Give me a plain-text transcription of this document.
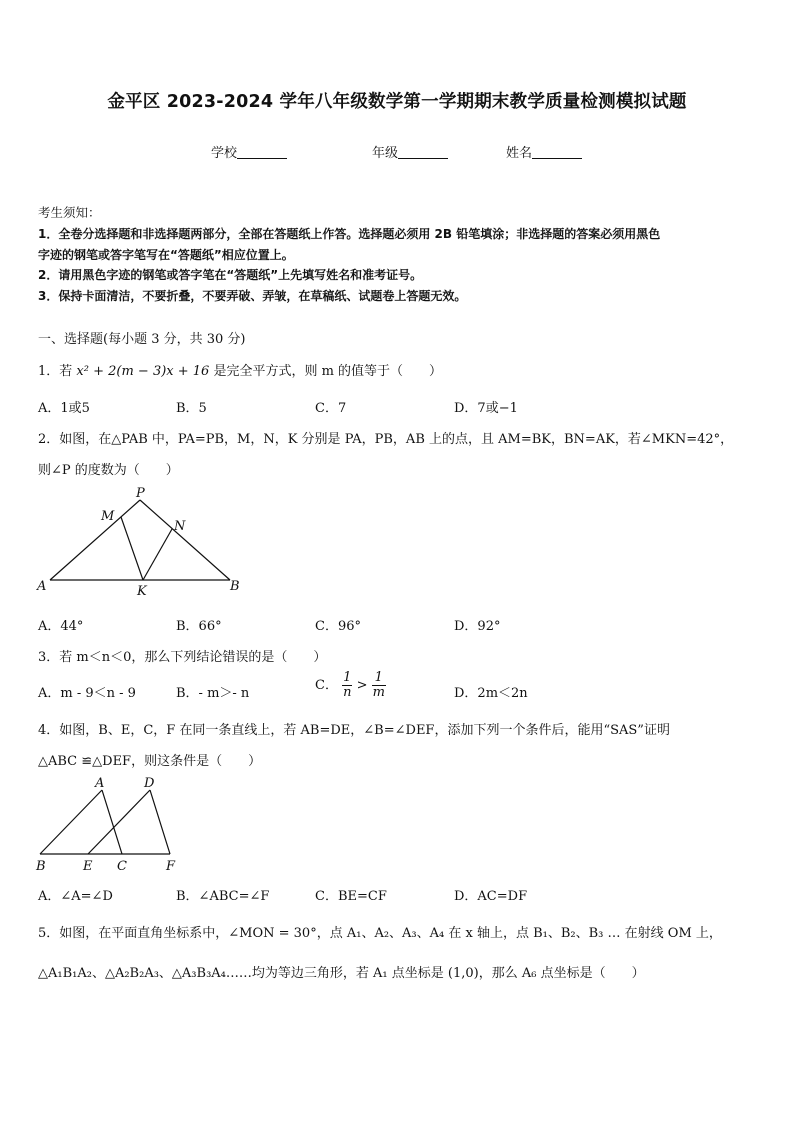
金平区 2023-2024 学年八年级数学第一学期期末教学质量检测模拟试题
学校	年级	姓名
考生须知：
1．全卷分选择题和非选择题两部分，全部在答题纸上作答。选择题必须用 2B 铅笔填涂；非选择题的答案必须用黑色
字迹的钢笔或答字笔写在“答题纸”相应位置上。
2．请用黑色字迹的钢笔或答字笔在“答题纸”上先填写姓名和准考证号。
3．保持卡面清洁，不要折叠，不要弄破、弄皱，在草稿纸、试题卷上答题无效。
一、选择题(每小题 3 分，共 30 分)
1．若 x² + 2(m − 3)x + 16 是完全平方式，则 m 的值等于（　　）
A．1或5	B．5	C．7	D．7或−1
2．如图，在△PAB 中，PA=PB，M，N，K 分别是 PA，PB，AB 上的点，且 AM=BK，BN=AK，若∠MKN=42°，
则∠P 的度数为（　　）
P
M
N
A	K	B
A．44°	B．66°	C．96°	D．92°
3．若 m＜n＜0，那么下列结论错误的是（　　）
A．m - 9＜n - 9	B．- m＞- n
C． $\frac{1}{n} > \frac{1}{m}$	D．2m＜2n
4．如图，B、E，C，F 在同一条直线上，若 AB=DE，∠B=∠DEF，添加下列一个条件后，能用“SAS”证明
△ABC ≌△DEF，则这条件是（　　）
A	D
B	E C	F
A．∠A=∠D	B．∠ABC=∠F	C．BE=CF	D．AC=DF
5．如图，在平面直角坐标系中，∠MON = 30°，点 A₁、A₂、A₃、A₄ 在 x 轴上，点 B₁、B₂、B₃ … 在射线 OM 上，
△A₁B₁A₂、△A₂B₂A₃、△A₃B₃A₄……均为等边三角形，若 A₁ 点坐标是 (1,0)，那么 A₆ 点坐标是（　　）
